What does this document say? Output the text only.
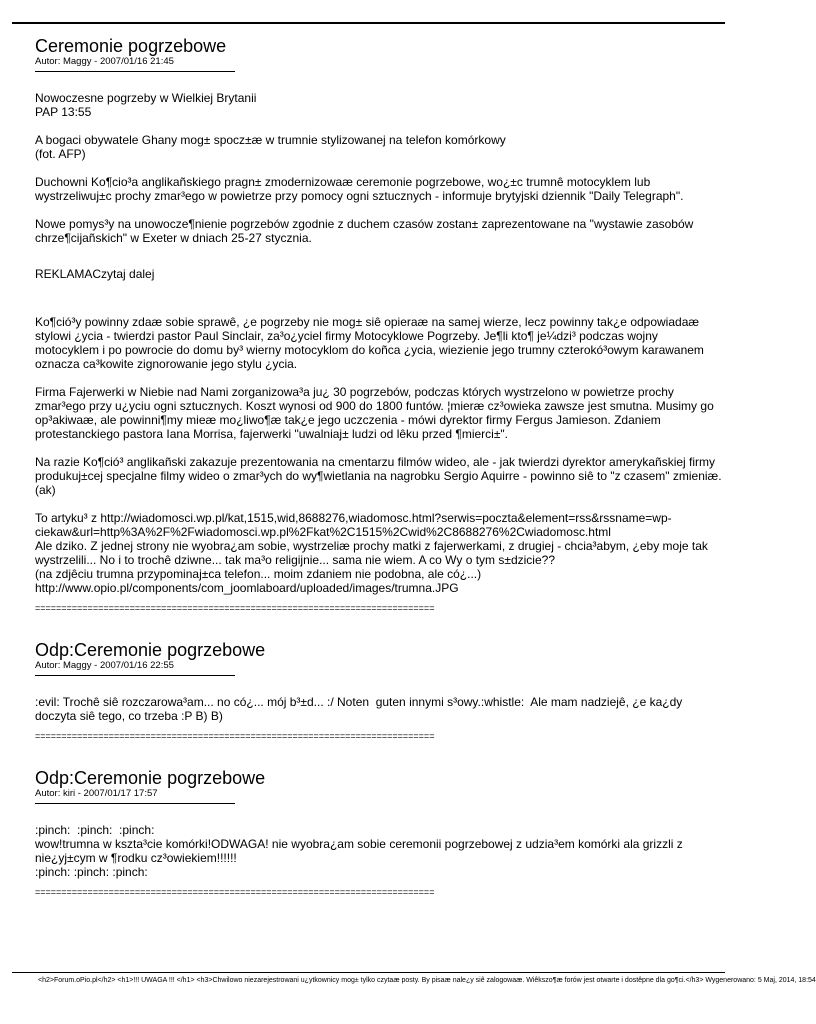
Ceremonie pogrzebowe
Autor: Maggy - 2007/01/16 21:45

Nowoczesne pogrzeby w Wielkiej Brytanii
PAP 13:55

A bogaci obywatele Ghany mog± spocz±æ w trumnie stylizowanej na telefon komórkowy
(fot. AFP)

Duchowni Ko¶cio³a anglikañskiego pragn± zmodernizowaæ ceremonie pogrzebowe, wo¿±c trumnê motocyklem lub wystrzeliwuj±c prochy zmar³ego w powietrze przy pomocy ogni sztucznych - informuje brytyjski dziennik "Daily Telegraph".

Nowe pomys³y na unowocze¶nienie pogrzebów zgodnie z duchem czasów zostan± zaprezentowane na "wystawie zasobów chrze¶cijañskich" w Exeter w dniach 25-27 stycznia.

REKLAMACzytaj dalej

Ko¶ció³y powinny zdaæ sobie sprawê, ¿e pogrzeby nie mog± siê opieraæ na samej wierze, lecz powinny tak¿e odpowiadaæ stylowi ¿ycia - twierdzi pastor Paul Sinclair, za³o¿yciel firmy Motocyklowe Pogrzeby. Je¶li kto¶ je¼dzi³ podczas wojny motocyklem i po powrocie do domu by³ wierny motocyklom do koñca ¿ycia, wiezienie jego trumny czterokó³owym karawanem oznacza ca³kowite zignorowanie jego stylu ¿ycia.

Firma Fajerwerki w Niebie nad Nami zorganizowa³a ju¿ 30 pogrzebów, podczas których wystrzelono w powietrze prochy zmar³ego przy u¿yciu ogni sztucznych. Koszt wynosi od 900 do 1800 funtów. ¦mieræ cz³owieka zawsze jest smutna. Musimy go op³akiwaæ, ale powinni¶my mieæ mo¿liwo¶æ tak¿e jego uczczenia - mówi dyrektor firmy Fergus Jamieson. Zdaniem protestanckiego pastora Iana Morrisa, fajerwerki "uwalniaj± ludzi od lêku przed ¶mierci±".

Na razie Ko¶ció³ anglikañski zakazuje prezentowania na cmentarzu filmów wideo, ale - jak twierdzi dyrektor amerykañskiej firmy produkuj±cej specjalne filmy wideo o zmar³ych do wy¶wietlania na nagrobku Sergio Aquirre - powinno siê to "z czasem" zmieniæ. (ak)

To artyku³ z http://wiadomosci.wp.pl/kat,1515,wid,8688276,wiadomosc.html?serwis=poczta&element=rss&rssname=wp-ciekaw&url=http%3A%2F%2Fwiadomosci.wp.pl%2Fkat%2C1515%2Cwid%2C8688276%2Cwiadomosc.html
Ale dziko. Z jednej strony nie wyobra¿am sobie, wystrzeliæ prochy matki z fajerwerkami, z drugiej - chcia³abym, ¿eby moje tak wystrzelili... No i to trochê dziwne... tak ma³o religijnie... sama nie wiem. A co Wy o tym s±dzicie??
(na zdjêciu trumna przypominaj±ca telefon... moim zdaniem nie podobna, ale có¿...)
http://www.opio.pl/components/com_joomlaboard/uploaded/images/trumna.JPG

============================================================================
Odp:Ceremonie pogrzebowe
Autor: Maggy - 2007/01/16 22:55

:evil: Trochê siê rozczarowa³am... no có¿... mój b³±d... :/ Noten  guten innymi s³owy.:whistle:  Ale mam nadziejê, ¿e ka¿dy doczyta siê tego, co trzeba :P B) B)

============================================================================
Odp:Ceremonie pogrzebowe
Autor: kiri - 2007/01/17 17:57

:pinch:  :pinch:  :pinch:
wow!trumna w kszta³cie komórki!ODWAGA! nie wyobra¿am sobie ceremonii pogrzebowej z udzia³em komórki ala grizzli z nie¿yj±cym w ¶rodku cz³owiekiem!!!!!!
:pinch: :pinch: :pinch:

============================================================================
<h2>Forum.oPio.pl</h2> <h1>!!! UWAGA !!! </h1> <h3>Chwilowo niezarejestrowani u¿ytkownicy mog± tylko czytaæ posty. By pisaæ nale¿y siê zalogowaæ. Wiêkszo¶æ forów jest otwarte i dostêpne dla go¶ci.</h3> Wygenerowano: 5 Maj, 2014, 18:54
